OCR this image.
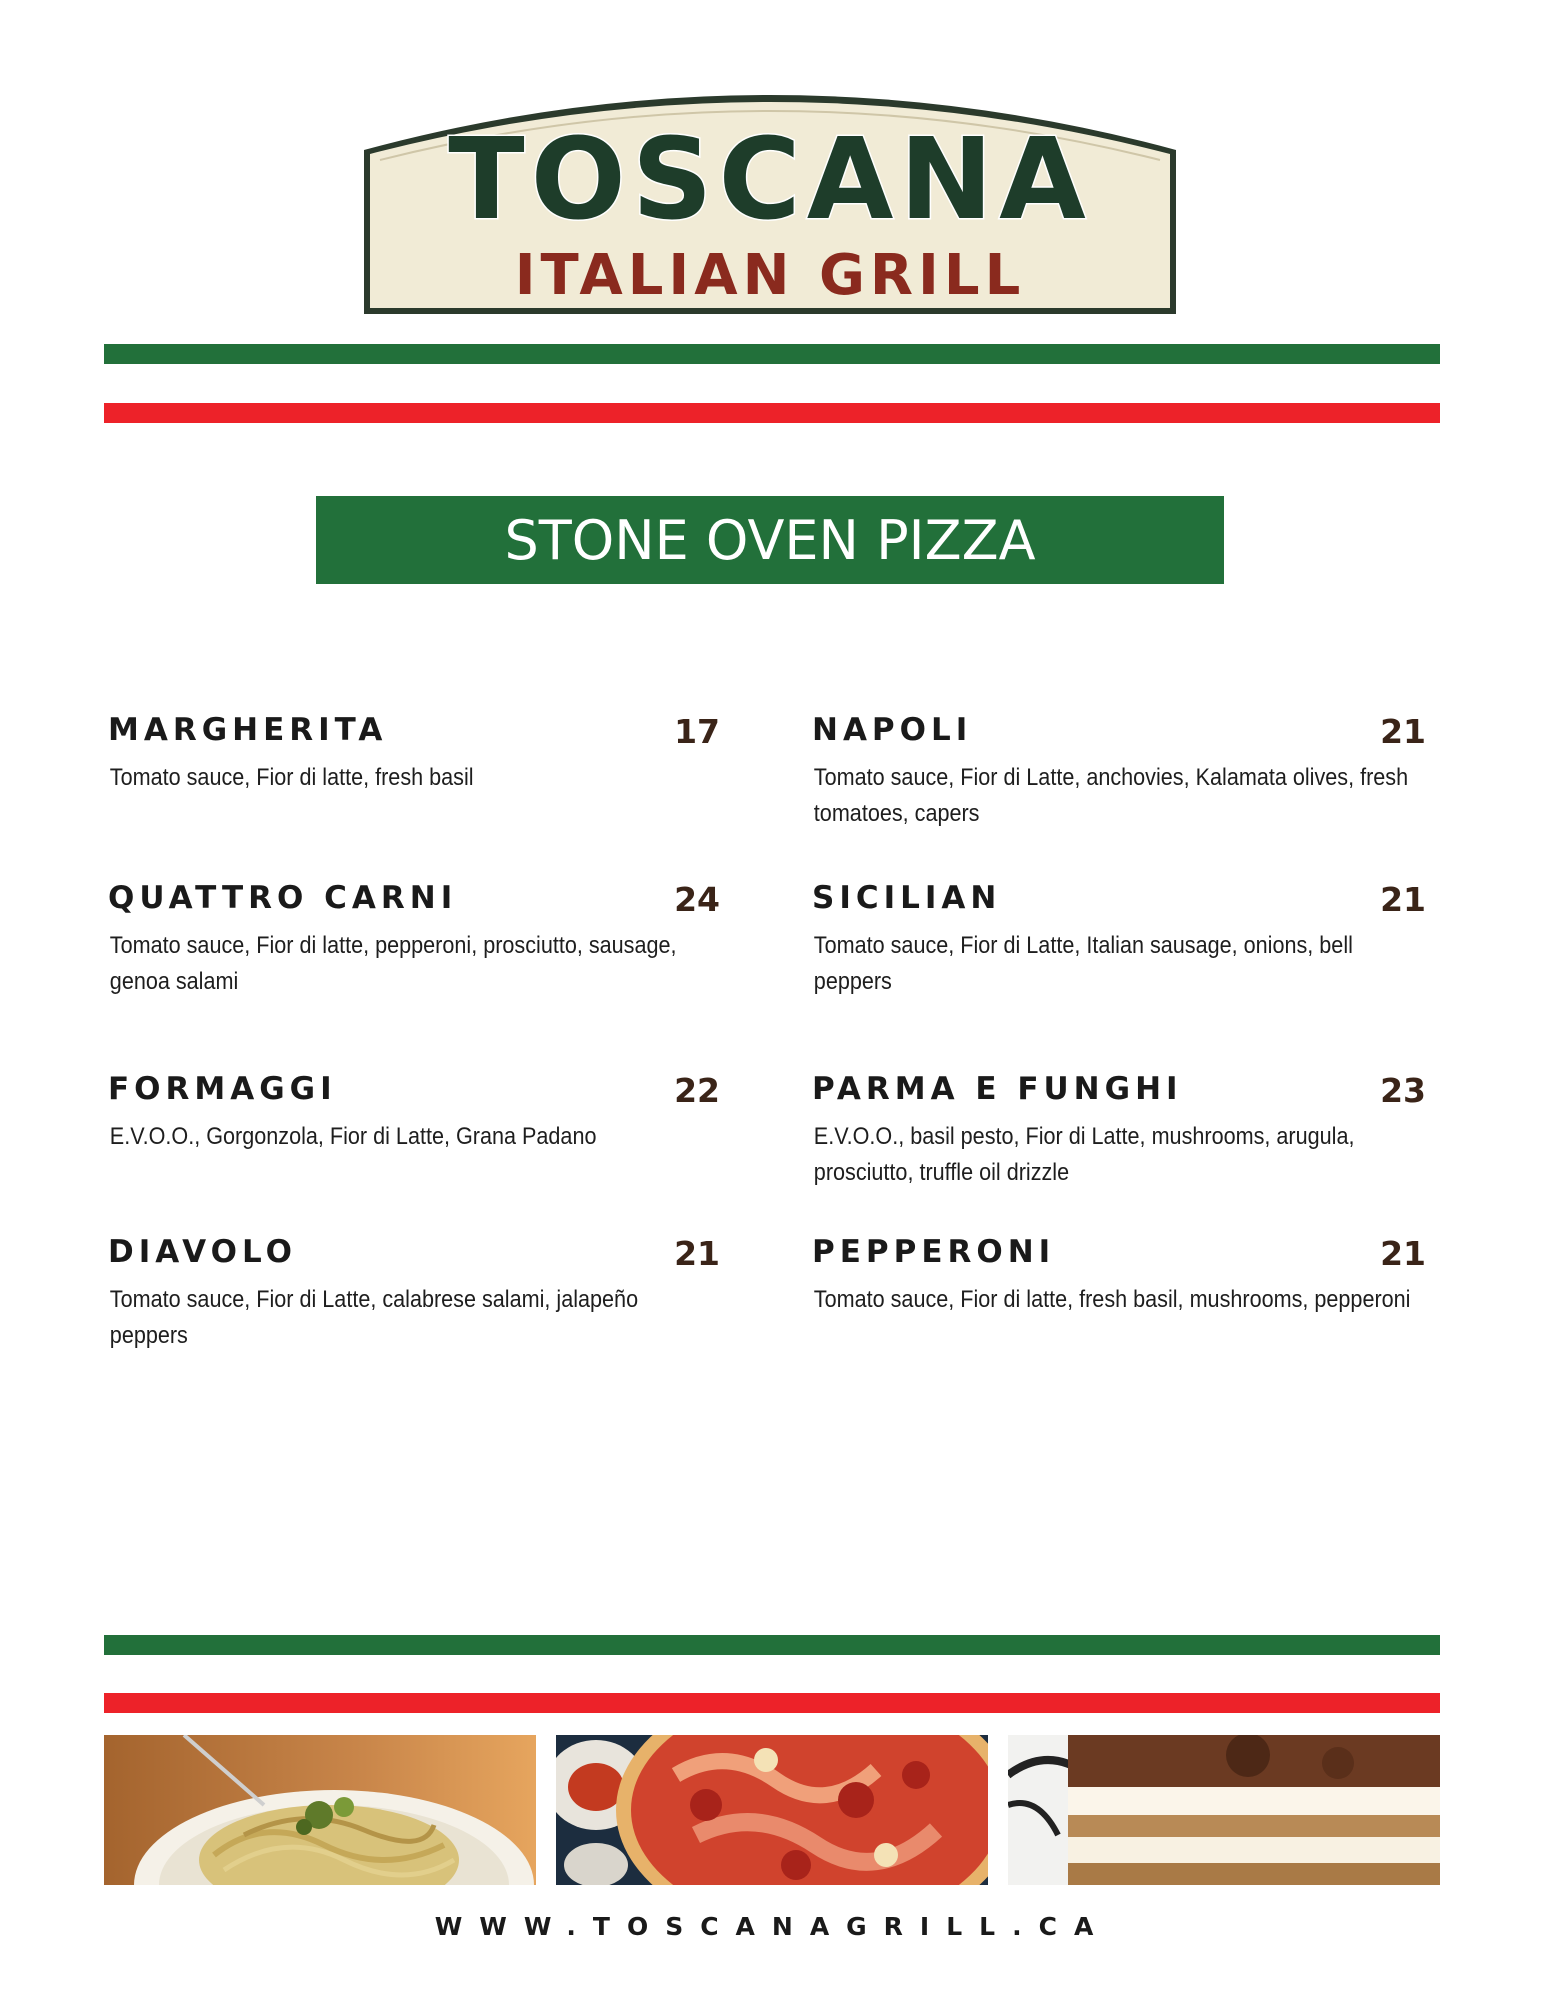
TOSCANA
ITALIAN GRILL
STONE OVEN PIZZA
MARGHERITA	17
Tomato sauce, Fior di latte, fresh basil
QUATTRO CARNI	24
Tomato sauce, Fior di latte, pepperoni, prosciutto, sausage, genoa salami
FORMAGGI	22
E.V.O.O., Gorgonzola, Fior di Latte, Grana Padano
DIAVOLO	21
Tomato sauce, Fior di Latte, calabrese salami, jalapeño peppers
NAPOLI	21
Tomato sauce, Fior di Latte, anchovies, Kalamata olives, fresh tomatoes, capers
SICILIAN	21
Tomato sauce, Fior di Latte, Italian sausage, onions, bell peppers
PARMA E FUNGHI	23
E.V.O.O., basil pesto, Fior di Latte, mushrooms, arugula, prosciutto, truffle oil drizzle
PEPPERONI	21
Tomato sauce, Fior di latte, fresh basil, mushrooms, pepperoni
WWW.TOSCANAGRILL.CA
